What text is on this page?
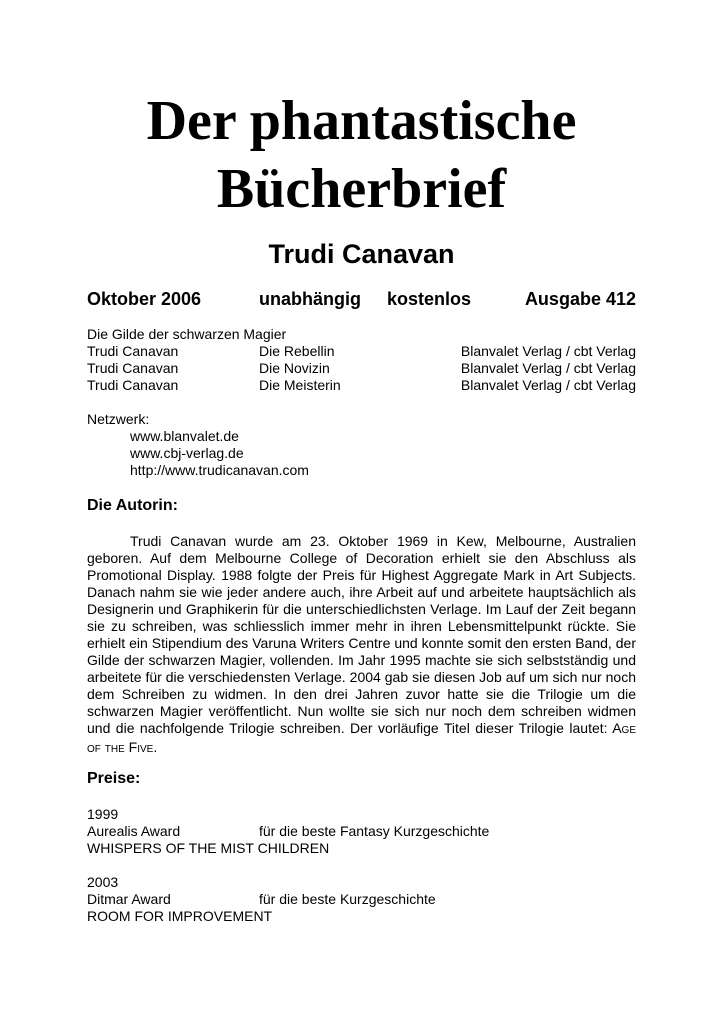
Der phantastische
Bücherbrief
Trudi Canavan
Oktober 2006	unabhängig kostenlos	Ausgabe 412
Die Gilde der schwarzen Magier
Trudi Canavan	Die Rebellin	Blanvalet Verlag / cbt Verlag
Trudi Canavan	Die Novizin	Blanvalet Verlag / cbt Verlag
Trudi Canavan	Die Meisterin	Blanvalet Verlag / cbt Verlag
Netzwerk:
www.blanvalet.de
www.cbj-verlag.de
http://www.trudicanavan.com
Die Autorin:

Trudi Canavan wurde am 23. Oktober 1969 in Kew, Melbourne, Australien geboren. Auf dem Melbourne College of Decoration erhielt sie den Abschluss als Promotional Display. 1988 folgte der Preis für Highest Aggregate Mark in Art Subjects. Danach nahm sie wie jeder andere auch, ihre Arbeit auf und arbeitete hauptsächlich als Designerin und Graphikerin für die unterschiedlichsten Verlage. Im Lauf der Zeit begann sie zu schreiben, was schliesslich immer mehr in ihren Lebensmittelpunkt rückte. Sie erhielt ein Stipendium des Varuna Writers Centre und konnte somit den ersten Band, der Gilde der schwarzen Magier, vollenden. Im Jahr 1995 machte sie sich selbstständig und arbeitete für die verschiedensten Verlage. 2004 gab sie diesen Job auf um sich nur noch dem Schreiben zu widmen. In den drei Jahren zuvor hatte sie die Trilogie um die schwarzen Magier veröffentlicht. Nun wollte sie sich nur noch dem schreiben widmen und die nachfolgende Trilogie schreiben. Der vorläufige Titel dieser Trilogie lautet: AGE OF THE FIVE.

Preise:
1999
Aurealis Award	für die beste Fantasy Kurzgeschichte
WHISPERS OF THE MIST CHILDREN
2003
Ditmar Award	für die beste Kurzgeschichte
ROOM FOR IMPROVEMENT
